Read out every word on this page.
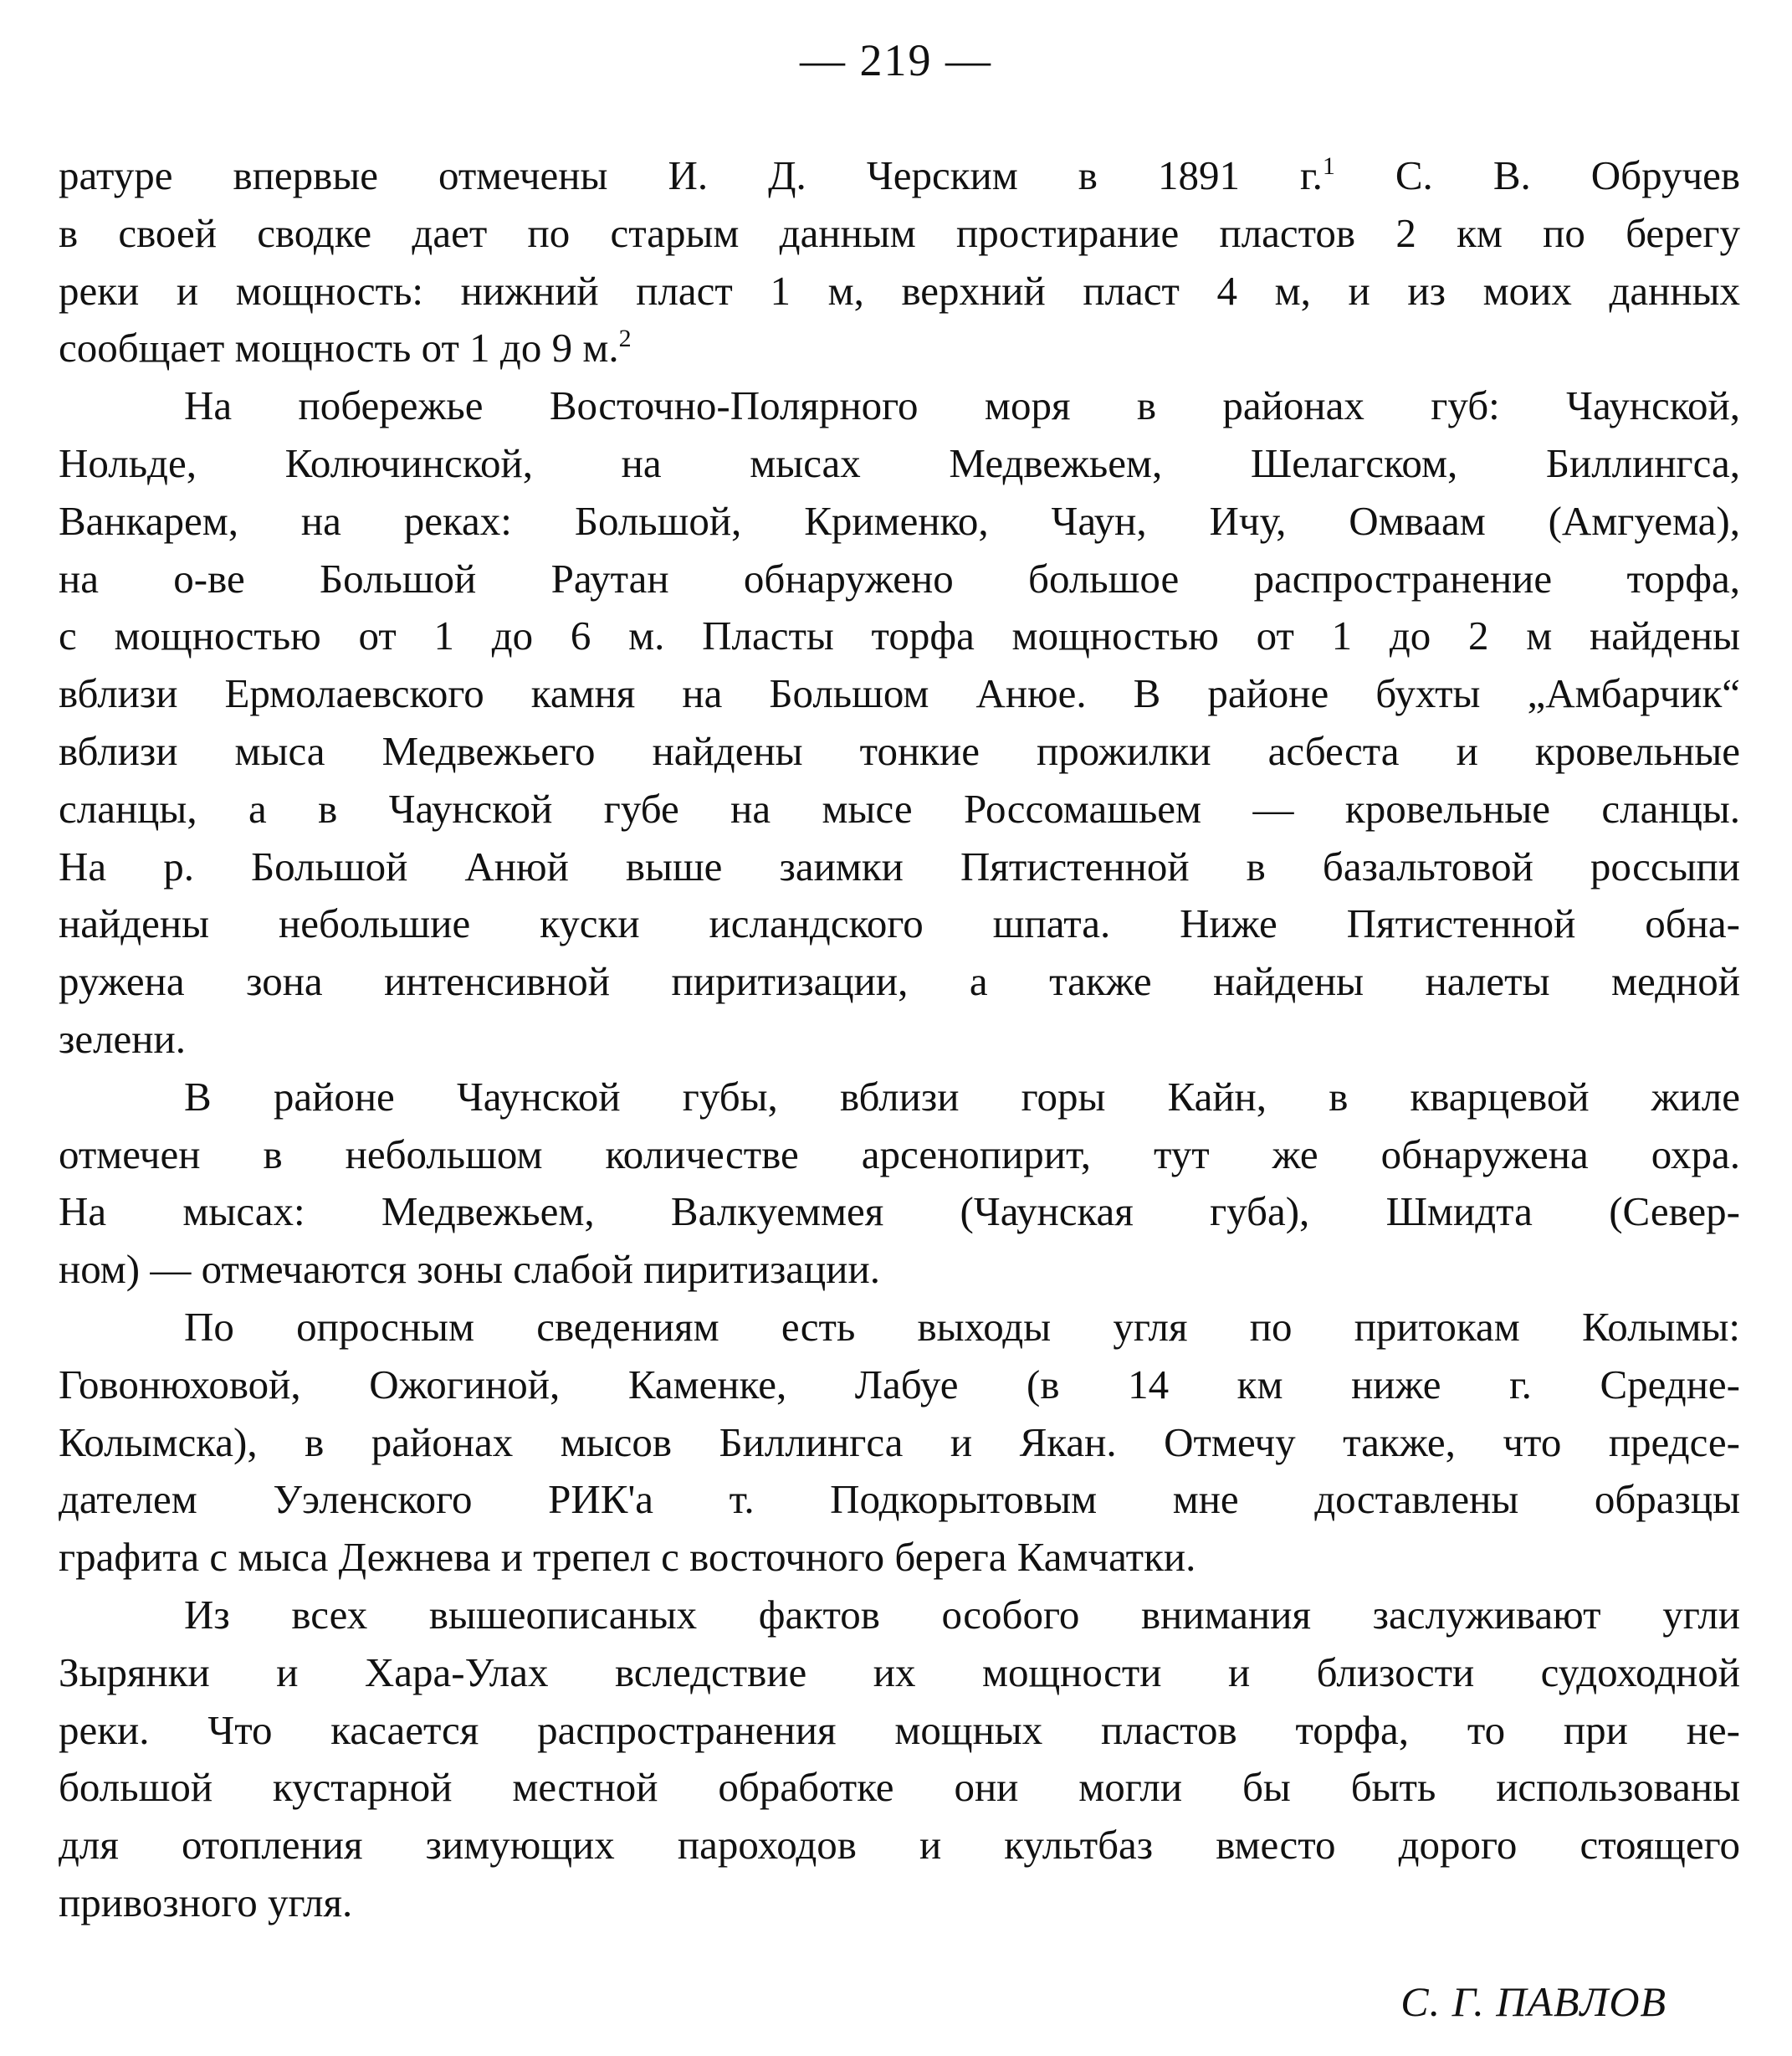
— 219 —
ратуре впервые отмечены И. Д. Черским в 1891 г.$^1$ С. В. Обручев
в своей сводке дает по старым данным простирание пластов 2 км по берегу
реки и мощность: нижний пласт 1 м, верхний пласт 4 м, и из моих данных
сообщает мощность от 1 до 9 м.$^2$
На побережье Восточно-Полярного моря в районах губ: Чаунской,
Нольде, Колючинской, на мысах Медвежьем, Шелагском, Биллингса,
Ванкарем, на реках: Большой, Крименко, Чаун, Ичу, Омваам (Амгуема),
на о-ве Большой Раутан обнаружено большое распространение торфа,
с мощностью от 1 до 6 м. Пласты торфа мощностью от 1 до 2 м найдены
вблизи Ермолаевского камня на Большом Анюе. В районе бухты „Амбарчик“
вблизи мыса Медвежьего найдены тонкие прожилки асбеста и кровельные
сланцы, а в Чаунской губе на мысе Россомашьем — кровельные сланцы.
На р. Большой Анюй выше заимки Пятистенной в базальтовой россыпи
найдены небольшие куски исландского шпата. Ниже Пятистенной обна-
ружена зона интенсивной пиритизации, а также найдены налеты медной
зелени.
В районе Чаунской губы, вблизи горы Кайн, в кварцевой жиле
отмечен в небольшом количестве арсенопирит, тут же обнаружена охра.
На мысах: Медвежьем, Валкуеммея (Чаунская губа), Шмидта (Север-
ном) — отмечаются зоны слабой пиритизации.
По опросным сведениям есть выходы угля по притокам Колымы:
Говонюховой, Ожогиной, Каменке, Лабуе (в 14 км ниже г. Средне-
Колымска), в районах мысов Биллингса и Якан. Отмечу также, что предсе-
дателем Уэленского РИК'а т. Подкорытовым мне доставлены образцы
графита с мыса Дежнева и трепел с восточного берега Камчатки.
Из всех вышеописаных фактов особого внимания заслуживают угли
Зырянки и Хара-Улах вследствие их мощности и близости судоходной
реки. Что касается распространения мощных пластов торфа, то при не-
большой кустарной местной обработке они могли бы быть использованы
для отопления зимующих пароходов и культбаз вместо дорого стоящего
привозного угля.
С. Г. ПАВЛОВ
